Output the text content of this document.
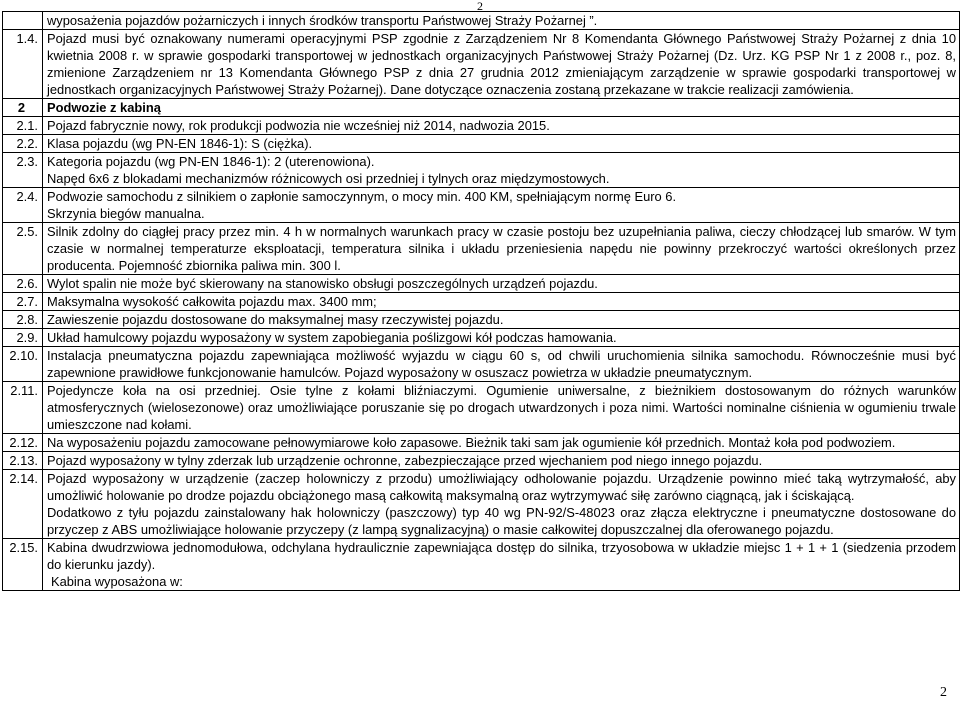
2

	wyposażenia pojazdów pożarniczych i innych środków transportu Państwowej Straży Pożarnej ”.

1.4.	Pojazd musi być oznakowany numerami operacyjnymi PSP zgodnie z Zarządzeniem Nr 8 Komendanta Głównego Państwowej Straży Pożarnej z dnia 10 kwietnia 2008 r. w sprawie gospodarki transportowej w jednostkach organizacyjnych Państwowej Straży Pożarnej (Dz. Urz. KG PSP Nr 1 z 2008 r., poz. 8, zmienione Zarządzeniem nr 13 Komendanta Głównego PSP z dnia 27 grudnia 2012 zmieniającym zarządzenie w sprawie gospodarki transportowej w jednostkach organizacyjnych Państwowej Straży Pożarnej). Dane dotyczące oznaczenia zostaną przekazane w trakcie realizacji zamówienia.

2	Podwozie z kabiną

2.1.	Pojazd fabrycznie nowy, rok produkcji podwozia nie wcześniej niż 2014, nadwozia 2015.

2.2.	Klasa pojazdu (wg PN-EN 1846-1): S (ciężka).

2.3.	Kategoria pojazdu (wg PN-EN 1846-1): 2 (uterenowiona).
Napęd 6x6 z blokadami mechanizmów różnicowych osi przedniej i tylnych oraz międzymostowych.

2.4.	Podwozie samochodu z silnikiem o zapłonie samoczynnym, o mocy min. 400 KM, spełniającym normę Euro 6.
Skrzynia biegów manualna.

2.5.	Silnik zdolny do ciągłej pracy przez min. 4 h w normalnych warunkach pracy w czasie postoju bez uzupełniania paliwa, cieczy chłodzącej lub smarów. W tym czasie w normalnej temperaturze eksploatacji, temperatura silnika i układu przeniesienia napędu nie powinny przekroczyć wartości określonych przez producenta. Pojemność zbiornika paliwa min. 300 l.

2.6.	Wylot spalin nie może być skierowany na stanowisko obsługi poszczególnych urządzeń pojazdu.

2.7.	Maksymalna wysokość całkowita pojazdu max. 3400 mm;

2.8.	Zawieszenie pojazdu dostosowane do maksymalnej masy rzeczywistej pojazdu.

2.9.	Układ hamulcowy pojazdu wyposażony w system zapobiegania poślizgowi kół podczas hamowania.

2.10.	Instalacja pneumatyczna pojazdu zapewniająca możliwość wyjazdu w ciągu 60 s, od chwili uruchomienia silnika samochodu. Równocześnie musi być zapewnione prawidłowe funkcjonowanie hamulców. Pojazd wyposażony w osuszacz powietrza w układzie pneumatycznym.

2.11.	Pojedyncze koła na osi przedniej. Osie tylne z kołami bliźniaczymi. Ogumienie uniwersalne, z bieżnikiem dostosowanym do różnych warunków atmosferycznych (wielosezonowe) oraz umożliwiające poruszanie się po drogach utwardzonych i poza nimi. Wartości nominalne ciśnienia w ogumieniu trwale umieszczone nad kołami.

2.12.	Na wyposażeniu pojazdu zamocowane pełnowymiarowe koło zapasowe. Bieżnik taki sam jak ogumienie kół przednich. Montaż koła pod podwoziem.

2.13.	Pojazd wyposażony w tylny zderzak lub urządzenie ochronne, zabezpieczające przed wjechaniem pod niego innego pojazdu.

2.14.	Pojazd wyposażony w urządzenie (zaczep holowniczy z przodu) umożliwiający odholowanie pojazdu. Urządzenie powinno mieć taką wytrzymałość, aby umożliwić holowanie po drodze pojazdu obciążonego masą całkowitą maksymalną oraz wytrzymywać siłę zarówno ciągnącą, jak i ściskającą.
Dodatkowo z tyłu pojazdu zainstalowany hak holowniczy (paszczowy) typ 40 wg PN-92/S-48023 oraz złącza elektryczne i pneumatyczne dostosowane do przyczep z ABS umożliwiające holowanie przyczepy (z lampą sygnalizacyjną) o masie całkowitej dopuszczalnej dla oferowanego pojazdu.

2.15.	Kabina dwudrzwiowa jednomodułowa, odchylana hydraulicznie zapewniająca dostęp do silnika, trzyosobowa w układzie miejsc 1 + 1 + 1 (siedzenia przodem do kierunku jazdy).
Kabina wyposażona w:
2
